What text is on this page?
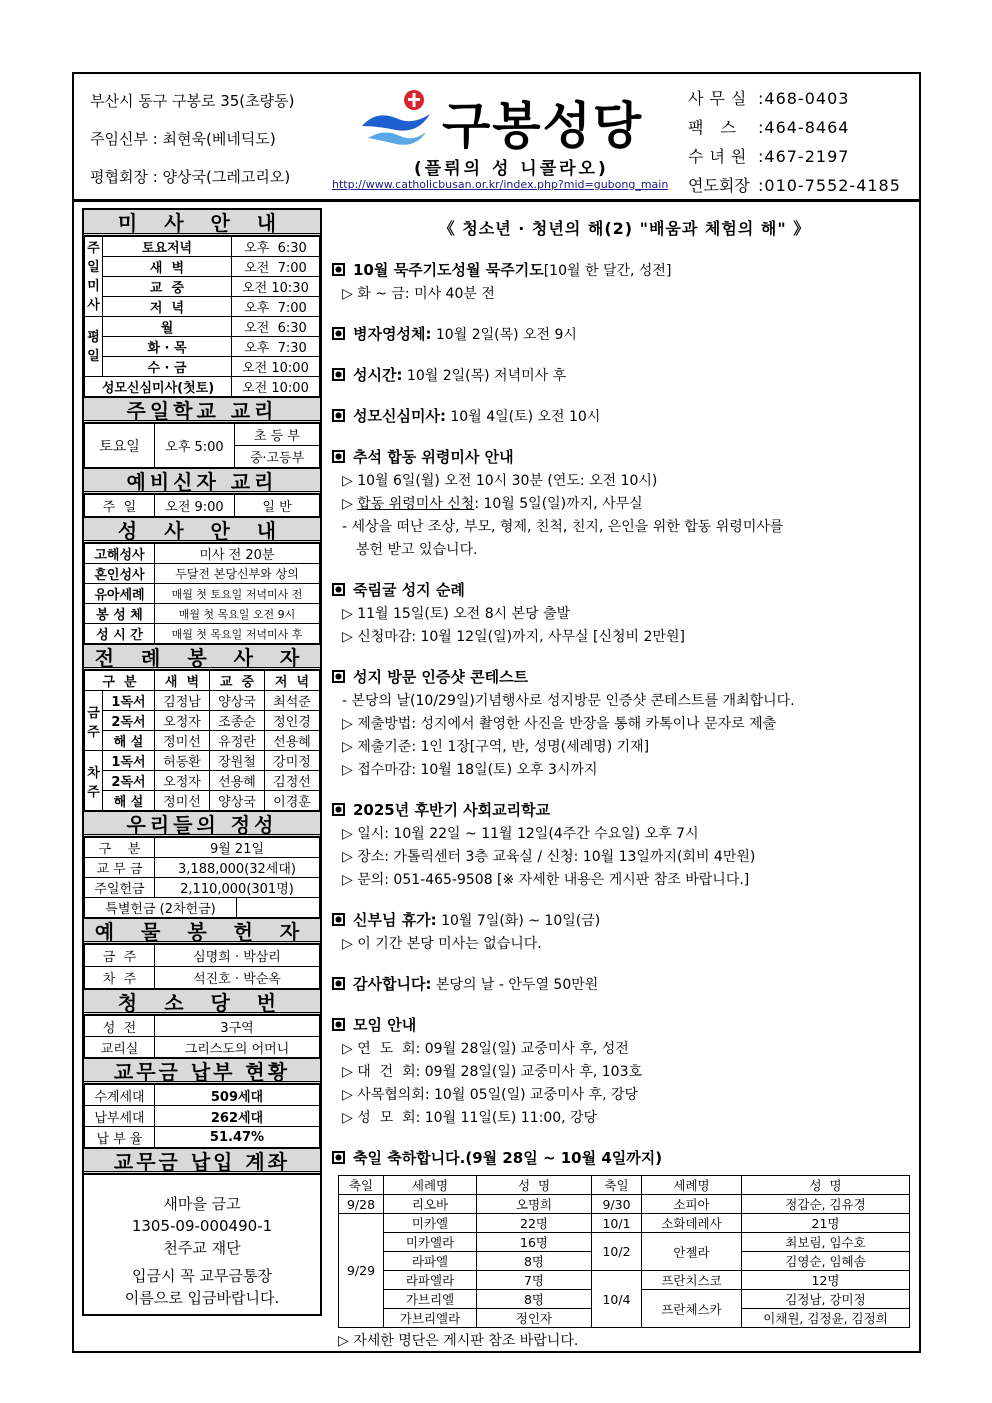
부산시 동구 구봉로 35(초량동)
주임신부 : 최현욱(베네딕도)
평협회장 : 양상국(그레고리오)
구봉성당
(플뤼의 성 니콜라오)
http://www.catholicbusan.or.kr/index.php?mid=gubong_main
사무실 :468-0403
팩 스 :464-8464
수녀원 :467-2197
연도회장 :010-7552-4185
미 사 안 내
주일미사	토요저녁	오후  6:30
	새  벽	오전  7:00
	교  중	오전 10:30
	저  녁	오후  7:00
평일	월	오전  6:30
	화 · 목	오후  7:30
	수 · 금	오전 10:00
성모신심미사(첫토)		오전 10:00
주일학교 교리
토요일	오후 5:00	초 등 부
중·고등부
예비신자 교리
주  일	오전 9:00	일 반
성 사 안 내
고해성사	미사 전 20분
혼인성사	두달전 본당신부와 상의
유아세례	매월 첫 토요일 저녁미사 전
봉 성 체	매월 첫 목요일 오전 9시
성 시 간	매월 첫 목요일 저녁미사 후
전 례 봉 사 자
구  분		새  벽	교  중	저  녁
금주	1독서	김정남	양상국	최석준
	2독서	오정자	조종순	정인경
	해 설	정미선	유정란	선용혜
차주	1독서	허동환	장원철	강미정
	2독서	오정자	선용혜	김정선
	해 설	정미선	양상국	이경훈
우리들의 정성
구    분	9월 21일	
교 무 금	3,188,000(32세대)	
주일헌금	2,110,000(301명)	
특별헌금 (2차헌금)		
예 물 봉 헌 자
금  주	심명희 · 박삼리
차  주	석진호 · 박순옥
청 소 당 번
성  전	3구역
교리실	그리스도의 어머니
교무금 납부 현황
수계세대	509세대
납부세대	262세대
납 부 율	51.47%
교무금 납입 계좌
새마을 금고
1305-09-000490-1
천주교 재단
입금시 꼭 교무금통장
이름으로 입금바랍니다.
《 청소년 · 청년의 해(2) "배움과 체험의 해" 》
10월 묵주기도성월 묵주기도[10월 한 달간, 성전]
▷ 화 ~ 금: 미사 40분 전
병자영성체: 10월 2일(목) 오전 9시
성시간: 10월 2일(목) 저녁미사 후
성모신심미사: 10월 4일(토) 오전 10시
추석 합동 위령미사 안내
▷ 10월 6일(월) 오전 10시 30분 (연도: 오전 10시)
▷ 합동 위령미사 신청: 10월 5일(일)까지, 사무실
- 세상을 떠난 조상, 부모, 형제, 친척, 친지, 은인을 위한 합동 위령미사를
봉헌 받고 있습니다.
죽림굴 성지 순례
▷ 11월 15일(토) 오전 8시 본당 출발
▷ 신청마감: 10월 12일(일)까지, 사무실 [신청비 2만원]
성지 방문 인증샷 콘테스트
- 본당의 날(10/29일)기념행사로 성지방문 인증샷 콘테스트를 개최합니다.
▷ 제출방법: 성지에서 촬영한 사진을 반장을 통해 카톡이나 문자로 제출
▷ 제출기준: 1인 1장[구역, 반, 성명(세례명) 기재]
▷ 접수마감: 10월 18일(토) 오후 3시까지
2025년 후반기 사회교리학교
▷ 일시: 10월 22일 ~ 11월 12일(4주간 수요일) 오후 7시
▷ 장소: 가톨릭센터 3층 교육실 / 신청: 10월 13일까지(회비 4만원)
▷ 문의: 051-465-9508 [※ 자세한 내용은 게시판 참조 바랍니다.]
신부님 휴가: 10월 7일(화) ~ 10일(금)
▷ 이 기간 본당 미사는 없습니다.
감사합니다: 본당의 날 - 안두열 50만원
모임 안내
▷ 연  도  회: 09월 28일(일) 교중미사 후, 성전
▷ 대  건  회: 09월 28일(일) 교중미사 후, 103호
▷ 사목협의회: 10월 05일(일) 교중미사 후, 강당
▷ 성  모  회: 10월 11일(토) 11:00, 강당
축일 축하합니다.(9월 28일 ~ 10월 4일까지)
축일	세례명	성  명	축일	세례명	성  명
9/28	리오바	오명희	9/30	소피아	정갑순, 김유경
9/29	미카엘	22명	10/1	소화데레사	21명
	미카엘라	16명	10/2	안젤라	최보림, 임수호
	라파엘	8명			김영순, 임혜솜
	라파엘라	7명	10/4	프란치스코	12명
	가브리엘	8명		프란체스카	김정남, 강미정
	가브리엘라	정인자			이채원, 김정윤, 김정희
▷ 자세한 명단은 게시판 참조 바랍니다.
